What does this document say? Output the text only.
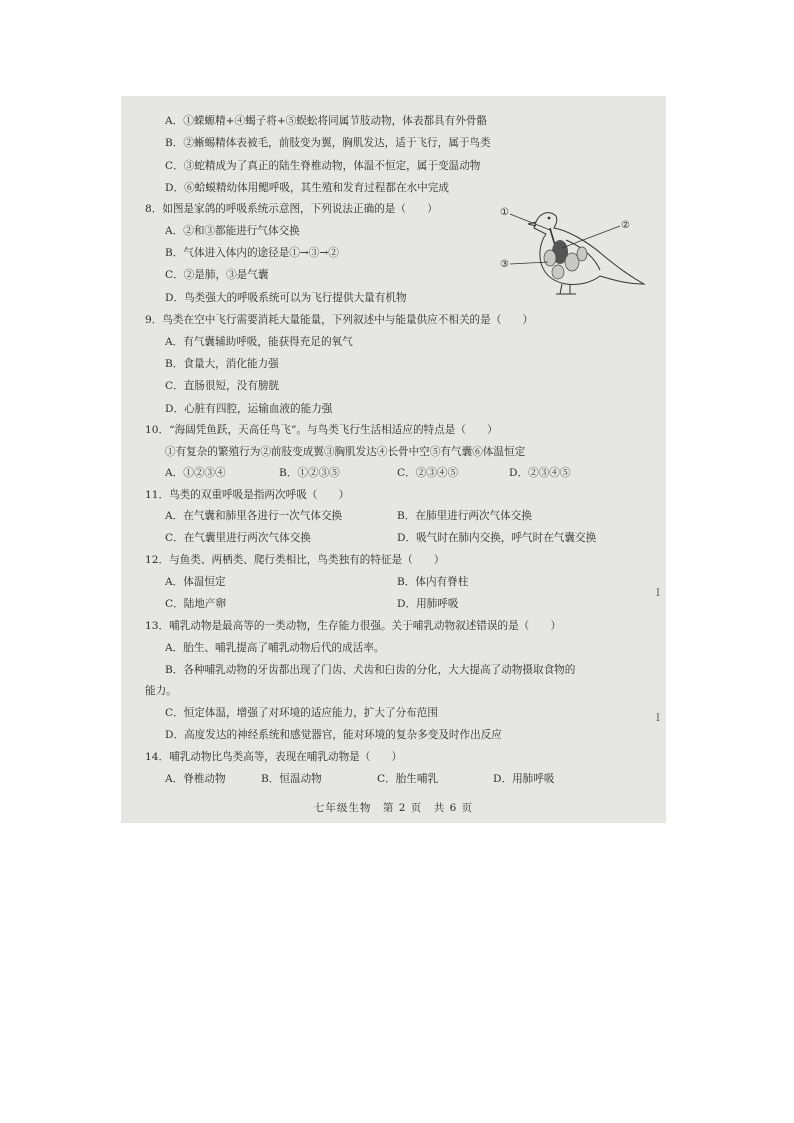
A．①蝾螈精+④蝎子将+⑤蜈蚣将同属节肢动物，体表都具有外骨骼
B．②蜥蜴精体表被毛，前肢变为翼，胸肌发达，适于飞行，属于鸟类
C．③蛇精成为了真正的陆生脊椎动物，体温不恒定，属于变温动物
D．⑥蛤蟆精幼体用鳃呼吸，其生殖和发育过程都在水中完成
8．如图是家鸽的呼吸系统示意图，下列说法正确的是（　　）
A．②和③都能进行气体交换
B．气体进入体内的途径是①→③→②
C．②是肺，③是气囊
D．鸟类强大的呼吸系统可以为飞行提供大量有机物
①
②
③
9．鸟类在空中飞行需要消耗大量能量，下列叙述中与能量供应不相关的是（　　）
A．有气囊辅助呼吸，能获得充足的氧气
B．食量大，消化能力强
C．直肠很短，没有膀胱
D．心脏有四腔，运输血液的能力强
10．“海阔凭鱼跃，天高任鸟飞”。与鸟类飞行生活相适应的特点是（　　）
①有复杂的繁殖行为②前肢变成翼③胸肌发达④长骨中空⑤有气囊⑥体温恒定
A．①②③④	B．①②③⑤	C．②③④⑤	D．②③④⑤
11．鸟类的双重呼吸是指两次呼吸（　　）
A．在气囊和肺里各进行一次气体交换	B．在肺里进行两次气体交换
C．在气囊里进行两次气体交换	D．吸气时在肺内交换，呼气时在气囊交换
12．与鱼类、两栖类、爬行类相比，鸟类独有的特征是（　　）
A．体温恒定	B．体内有脊柱
C．陆地产卵	D．用肺呼吸
13．哺乳动物是最高等的一类动物，生存能力很强。关于哺乳动物叙述错误的是（　　）
A．胎生、哺乳提高了哺乳动物后代的成活率。
B．各种哺乳动物的牙齿都出现了门齿、犬齿和臼齿的分化，大大提高了动物摄取食物的
能力。
C．恒定体温，增强了对环境的适应能力，扩大了分布范围
D．高度发达的神经系统和感觉器官，能对环境的复杂多变及时作出反应
14．哺乳动物比鸟类高等，表现在哺乳动物是（　　）
A．脊椎动物	B．恒温动物	C．胎生哺乳	D．用肺呼吸
I
I
七年级生物　第 2 页　共 6 页
